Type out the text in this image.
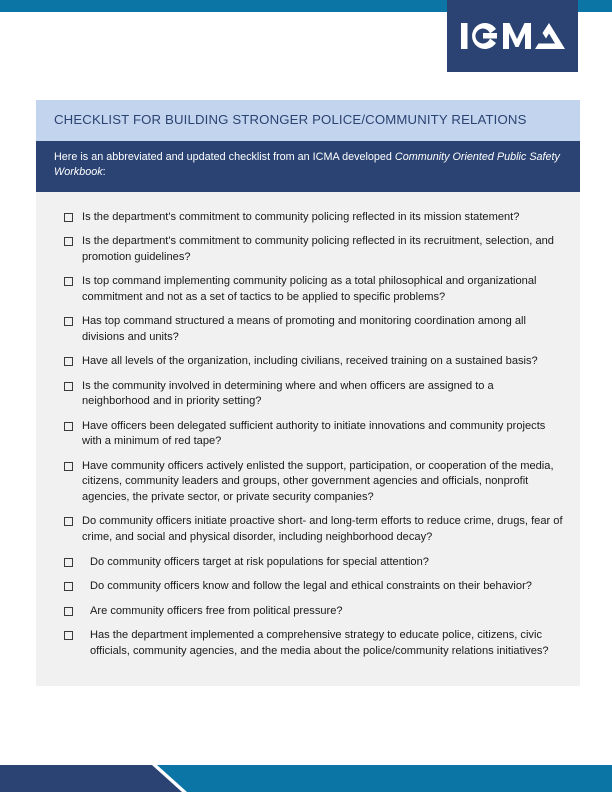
CHECKLIST FOR BUILDING STRONGER POLICE/COMMUNITY RELATIONS
Here is an abbreviated and updated checklist from an ICMA developed Community Oriented Public Safety Workbook:
Is the department's commitment to community policing reflected in its mission statement?
Is the department's commitment to community policing reflected in its recruitment, selection, and promotion guidelines?
Is top command implementing community policing as a total philosophical and organizational commitment and not as a set of tactics to be applied to specific problems?
Has top command structured a means of promoting and monitoring coordination among all divisions and units?
Have all levels of the organization, including civilians, received training on a sustained basis?
Is the community involved in determining where and when officers are assigned to a neighborhood and in priority setting?
Have officers been delegated sufficient authority to initiate innovations and community projects with a minimum of red tape?
Have community officers actively enlisted the support, participation, or cooperation of the media, citizens, community leaders and groups, other government agencies and officials, nonprofit agencies, the private sector, or private security companies?
Do community officers initiate proactive short- and long-term efforts to reduce crime, drugs, fear of crime, and social and physical disorder, including neighborhood decay?
Do community officers target at risk populations for special attention?
Do community officers know and follow the legal and ethical constraints on their behavior?
Are community officers free from political pressure?
Has the department implemented a comprehensive strategy to educate police, citizens, civic officials, community agencies, and the media about the police/community relations initiatives?
